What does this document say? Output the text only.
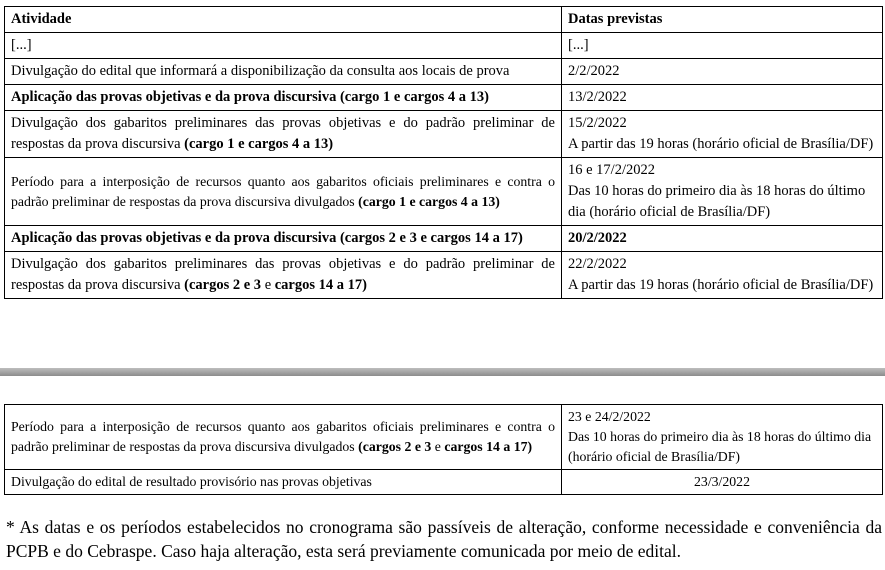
Atividade	Datas previstas
[...]	[...]
Divulgação do edital que informará a disponibilização da consulta aos locais de prova	2/2/2022
Aplicação das provas objetivas e da prova discursiva (cargo 1 e cargos 4 a 13)	13/2/2022
Divulgação dos gabaritos preliminares das provas objetivas e do padrão preliminar de respostas da prova discursiva (cargo 1 e cargos 4 a 13)	15/2/2022
A partir das 19 horas (horário oficial de Brasília/DF)

Período para a interposição de recursos quanto aos gabaritos oficiais preliminares e contra o padrão preliminar de respostas da prova discursiva divulgados (cargo 1 e cargos 4 a 13)	16 e 17/2/2022
Das 10 horas do primeiro dia às 18 horas do último dia (horário oficial de Brasília/DF)

Aplicação das provas objetivas e da prova discursiva (cargos 2 e 3 e cargos 14 a 17)	20/2/2022
Divulgação dos gabaritos preliminares das provas objetivas e do padrão preliminar de respostas da prova discursiva (cargos 2 e 3 e cargos 14 a 17)	22/2/2022
A partir das 19 horas (horário oficial de Brasília/DF)
Período para a interposição de recursos quanto aos gabaritos oficiais preliminares e contra o padrão preliminar de respostas da prova discursiva divulgados (cargos 2 e 3 e cargos 14 a 17)	23 e 24/2/2022
Das 10 horas do primeiro dia às 18 horas do último dia (horário oficial de Brasília/DF)

Divulgação do edital de resultado provisório nas provas objetivas	23/3/2022

* As datas e os períodos estabelecidos no cronograma são passíveis de alteração, conforme necessidade e conveniência da PCPB e do Cebraspe. Caso haja alteração, esta será previamente comunicada por meio de edital.
